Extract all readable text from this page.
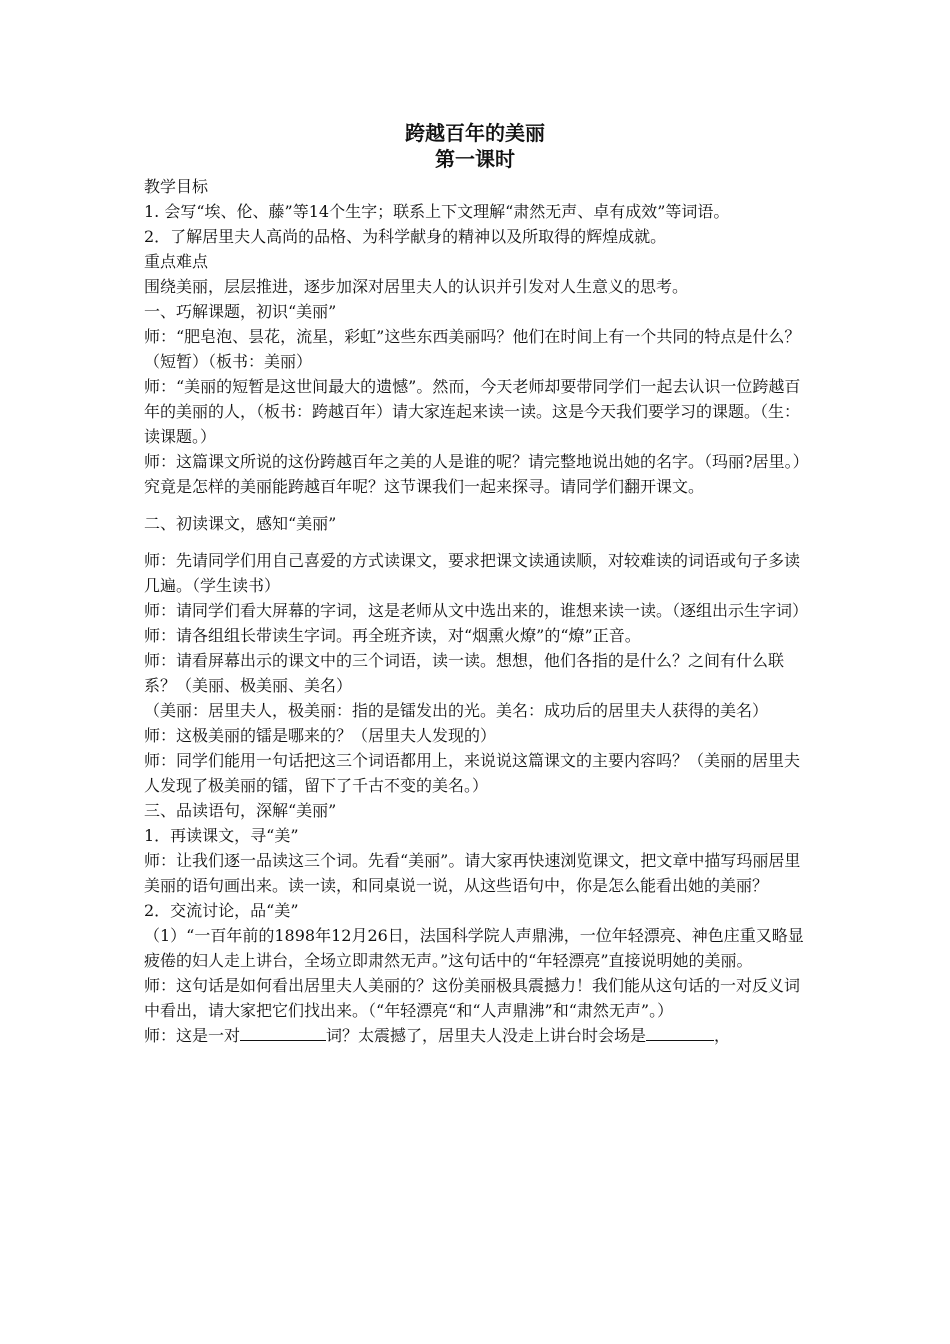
跨越百年的美丽
第一课时

教学目标

1. 会写“埃、伦、藤”等14个生字；联系上下文理解“肃然无声、卓有成效”等词语。

2．了解居里夫人高尚的品格、为科学献身的精神以及所取得的辉煌成就。

重点难点

围绕美丽，层层推进，逐步加深对居里夫人的认识并引发对人生意义的思考。

一、巧解课题，初识“美丽”

师：“肥皂泡、昙花，流星，彩虹”这些东西美丽吗？他们在时间上有一个共同的特点是什么？（短暂）（板书：美丽）

师：“美丽的短暂是这世间最大的遗憾”。然而，今天老师却要带同学们一起去认识一位跨越百年的美丽的人，（板书：跨越百年）请大家连起来读一读。这是今天我们要学习的课题。（生：读课题。）

师：这篇课文所说的这份跨越百年之美的人是谁的呢？请完整地说出她的名字。（玛丽?居里。）究竟是怎样的美丽能跨越百年呢？这节课我们一起来探寻。请同学们翻开课文。

二、初读课文，感知“美丽”

师：先请同学们用自己喜爱的方式读课文，要求把课文读通读顺，对较难读的词语或句子多读几遍。（学生读书）

师：请同学们看大屏幕的字词，这是老师从文中选出来的，谁想来读一读。（逐组出示生字词）

师：请各组组长带读生字词。再全班齐读，对“烟熏火燎”的“燎”正音。

师：请看屏幕出示的课文中的三个词语，读一读。想想，他们各指的是什么？之间有什么联系？（美丽、极美丽、美名）

（美丽：居里夫人，极美丽：指的是镭发出的光。美名：成功后的居里夫人获得的美名）

师：这极美丽的镭是哪来的？（居里夫人发现的）

师：同学们能用一句话把这三个词语都用上，来说说这篇课文的主要内容吗？（美丽的居里夫人发现了极美丽的镭，留下了千古不变的美名。）

三、品读语句，深解“美丽”

1．再读课文，寻“美”

师：让我们逐一品读这三个词。先看“美丽”。请大家再快速浏览课文，把文章中描写玛丽居里美丽的语句画出来。读一读，和同桌说一说，从这些语句中，你是怎么能看出她的美丽？

2．交流讨论，品“美”

（1）“一百年前的1898年12月26日，法国科学院人声鼎沸，一位年轻漂亮、神色庄重又略显疲倦的妇人走上讲台，全场立即肃然无声。”这句话中的“年轻漂亮”直接说明她的美丽。

师：这句话是如何看出居里夫人美丽的？这份美丽极具震撼力！我们能从这句话的一对反义词中看出，请大家把它们找出来。（“年轻漂亮“和“人声鼎沸”和“肃然无声”。）

师：这是一对	词？太震撼了，居里夫人没走上讲台时会场是	，
